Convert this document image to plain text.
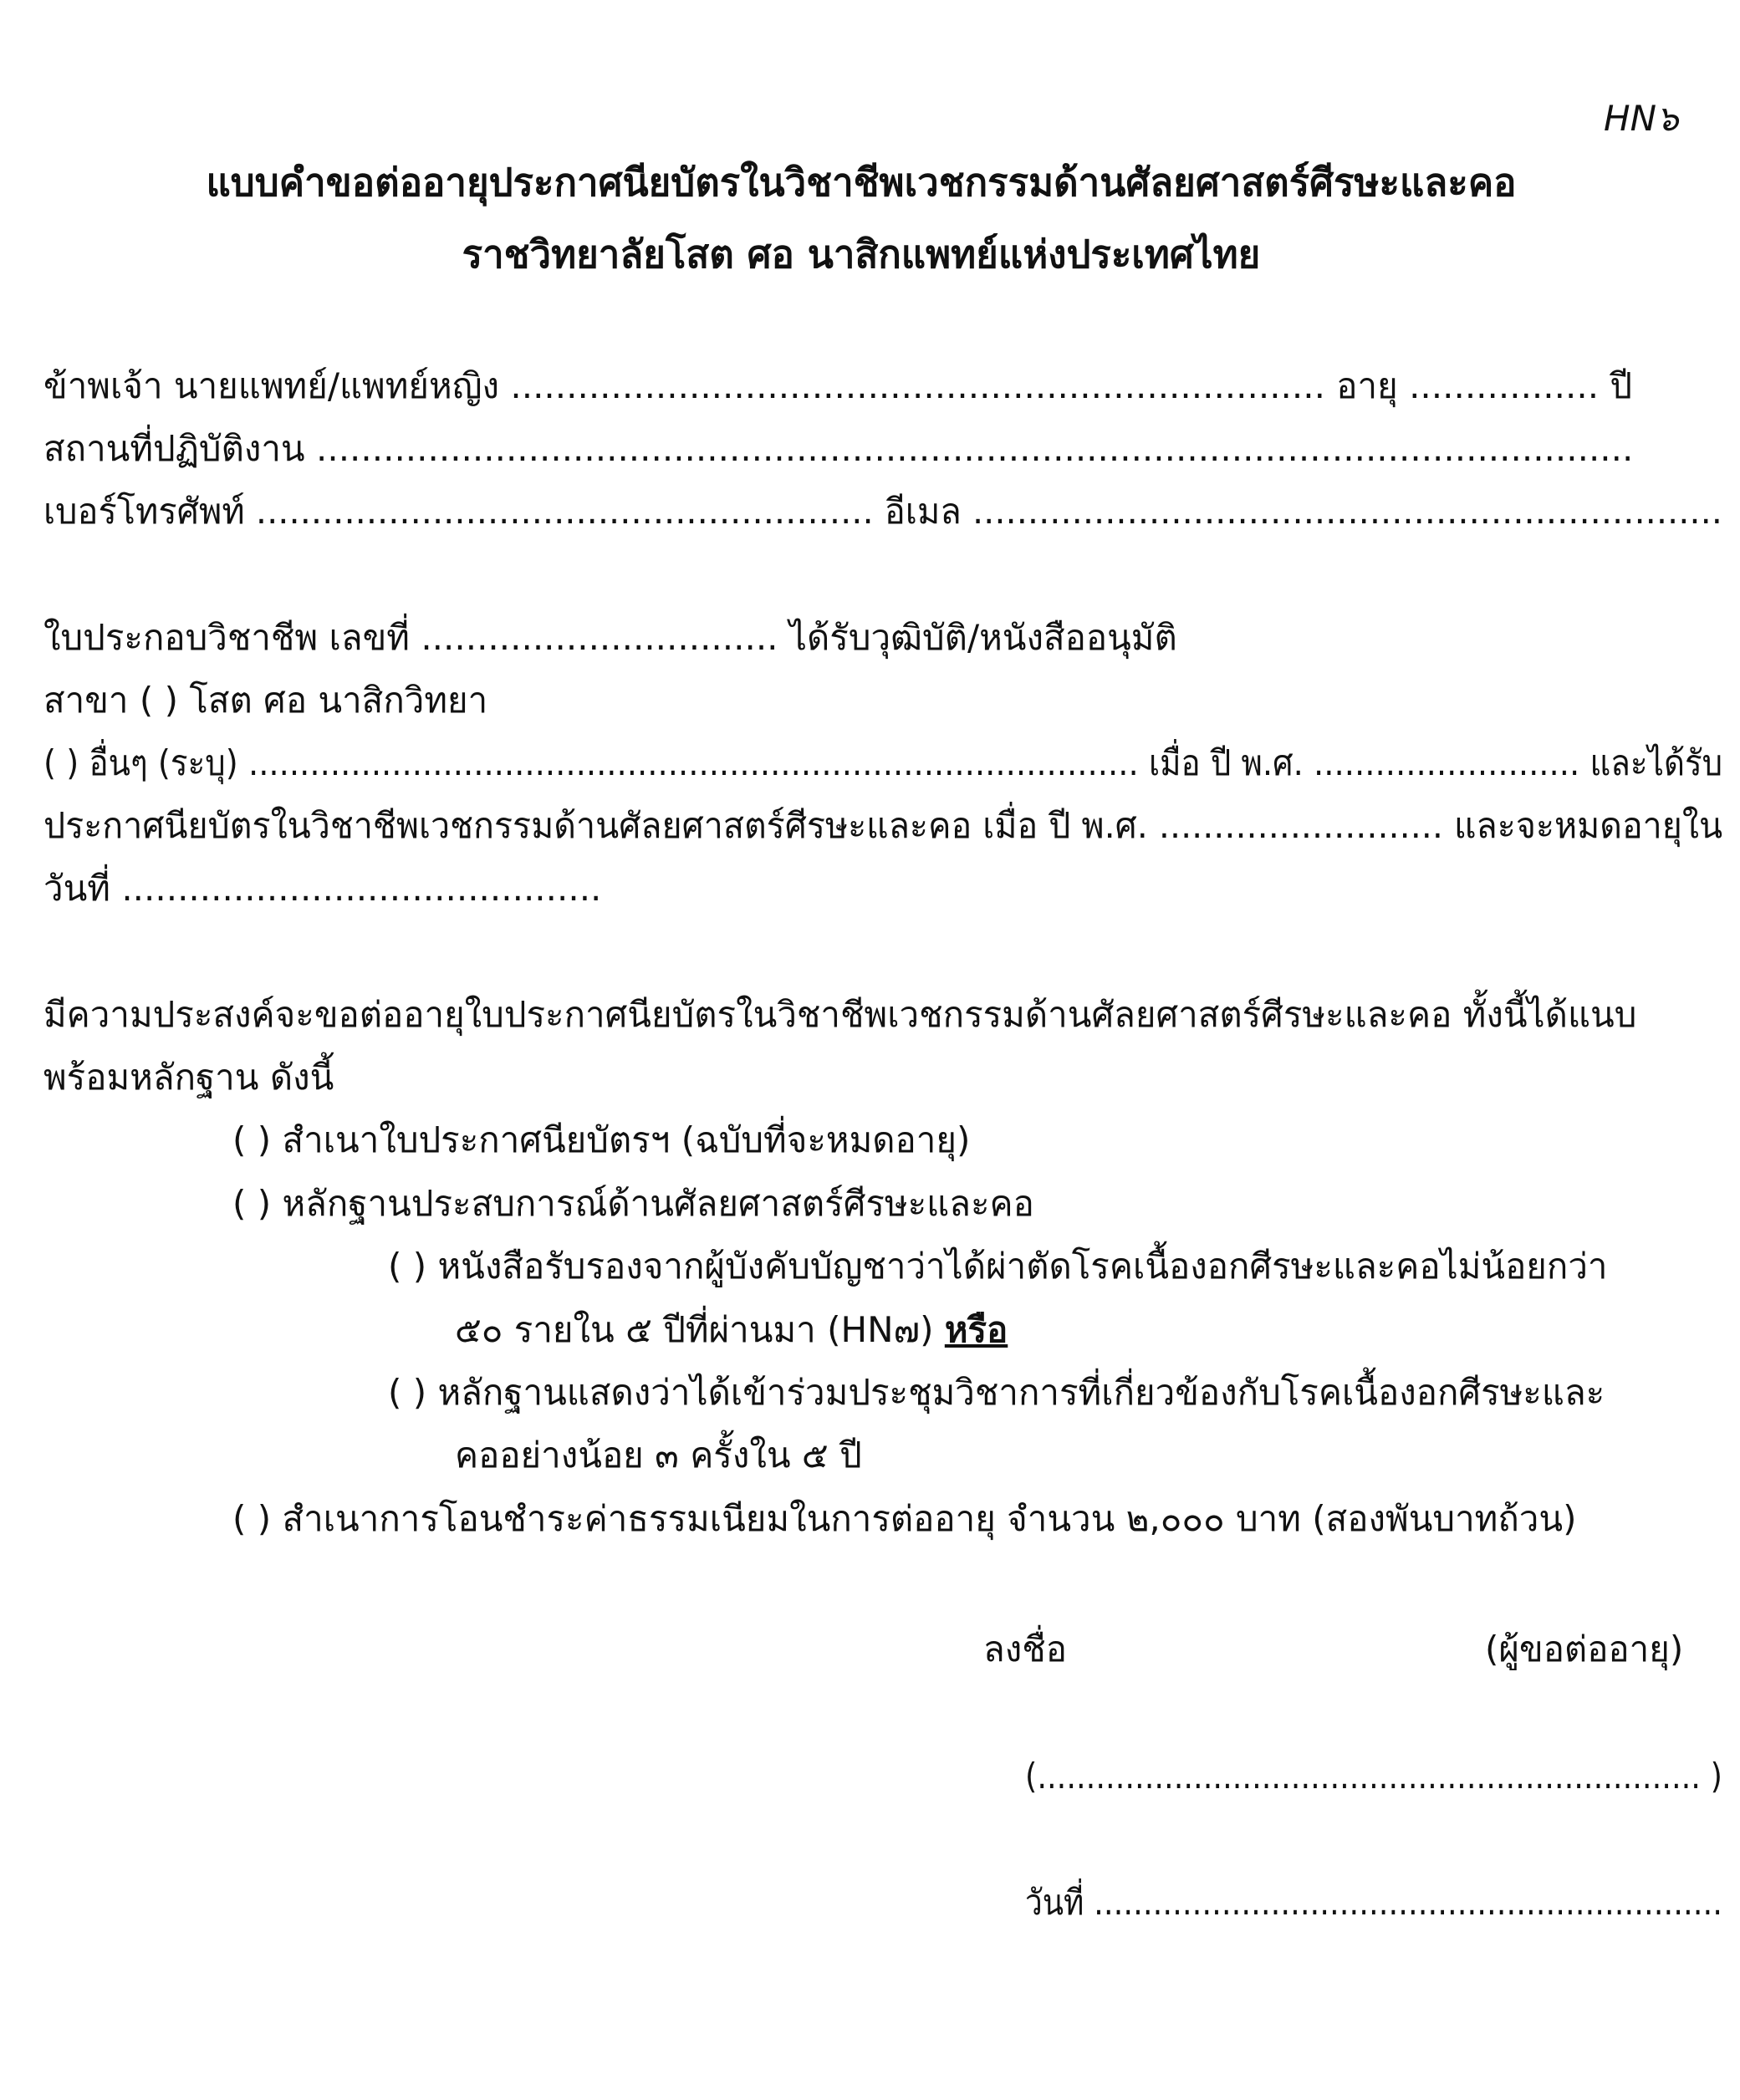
HN๖
แบบคำขอต่ออายุประกาศนียบัตรในวิชาชีพเวชกรรมด้านศัลยศาสตร์ศีรษะและคอ
ราชวิทยาลัยโสต ศอ นาสิกแพทย์แห่งประเทศไทย
ข้าพเจ้า นายแพทย์/แพทย์หญิง ......................................................................... อายุ ................. ปี
สถานที่ปฏิบัติงาน ......................................................................................................................
เบอร์โทรศัพท์ ........................................................ อีเมล ....................................................................
ใบประกอบวิชาชีพ เลขที่ ................................ ได้รับวุฒิบัติ/หนังสืออนุมัติ
สาขา ( ) โสต ศอ นาสิกวิทยา
( ) อื่นๆ (ระบุ) ....................................................................................... เมื่อ ปี พ.ศ. .......................... และได้รับ
ประกาศนียบัตรในวิชาชีพเวชกรรมด้านศัลยศาสตร์ศีรษะและคอ เมื่อ ปี พ.ศ. .......................... และจะหมดอายุใน
วันที่ ...........................................
มีความประสงค์จะขอต่ออายุใบประกาศนียบัตรในวิชาชีพเวชกรรมด้านศัลยศาสตร์ศีรษะและคอ ทั้งนี้ได้แนบ
พร้อมหลักฐาน ดังนี้
( ) สำเนาใบประกาศนียบัตรฯ (ฉบับที่จะหมดอายุ)
( ) หลักฐานประสบการณ์ด้านศัลยศาสตร์ศีรษะและคอ
( ) หนังสือรับรองจากผู้บังคับบัญชาว่าได้ผ่าตัดโรคเนื้องอกศีรษะและคอไม่น้อยกว่า
๕๐ รายใน ๕ ปีที่ผ่านมา (HN๗) หรือ
( ) หลักฐานแสดงว่าได้เข้าร่วมประชุมวิชาการที่เกี่ยวข้องกับโรคเนื้องอกศีรษะและ
คออย่างน้อย ๓ ครั้งใน ๕ ปี
( ) สำเนาการโอนชำระค่าธรรมเนียมในการต่ออายุ จำนวน ๒,๐๐๐ บาท (สองพันบาทถ้วน)
ลงชื่อ	(ผู้ขอต่ออายุ)
(.................................................................... )
วันที่ ................................................................
